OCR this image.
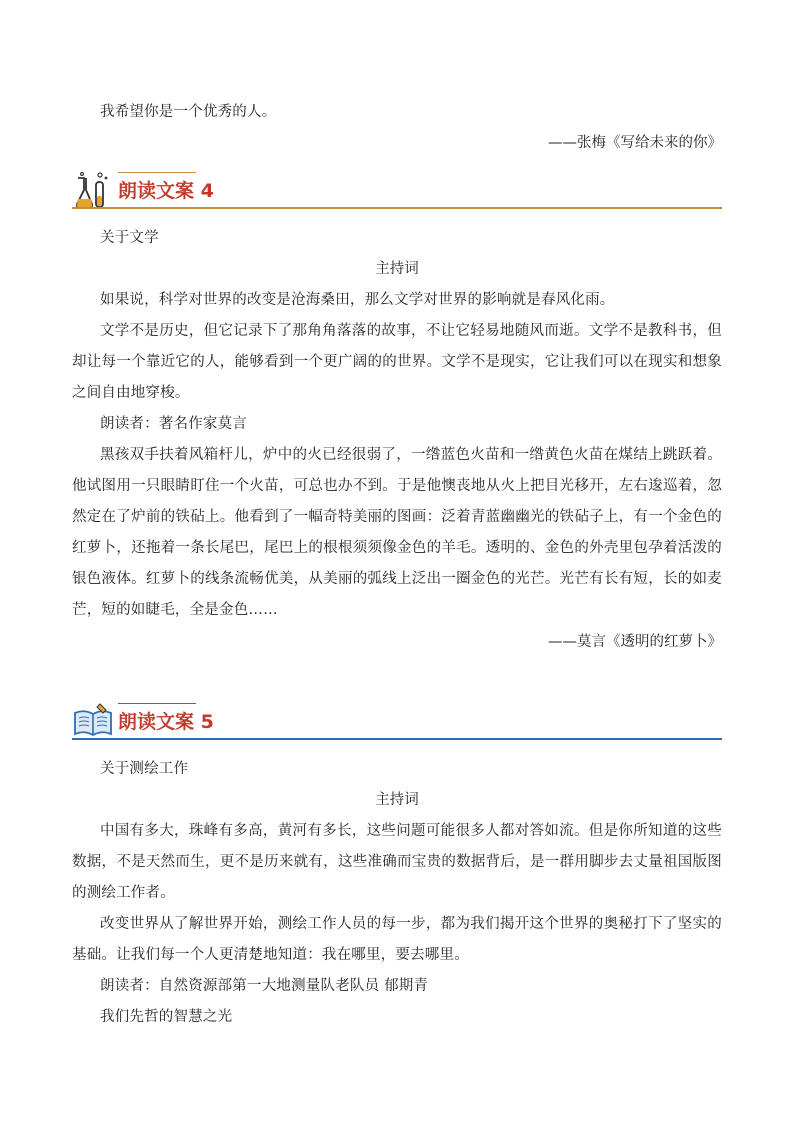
我希望你是一个优秀的人。

——张梅《写给未来的你》

朗读文案 4

关于文学

主持词

如果说，科学对世界的改变是沧海桑田，那么文学对世界的影响就是春风化雨。

文学不是历史，但它记录下了那角角落落的故事，不让它轻易地随风而逝。文学不是教科书，但却让每一个靠近它的人，能够看到一个更广阔的的世界。文学不是现实，它让我们可以在现实和想象之间自由地穿梭。

朗读者：著名作家莫言

黑孩双手扶着风箱杆儿，炉中的火已经很弱了，一绺蓝色火苗和一绺黄色火苗在煤结上跳跃着。他试图用一只眼睛盯住一个火苗，可总也办不到。于是他懊丧地从火上把目光移开，左右逡巡着，忽然定在了炉前的铁砧上。他看到了一幅奇特美丽的图画：泛着青蓝幽幽光的铁砧子上，有一个金色的红萝卜，还拖着一条长尾巴，尾巴上的根根须须像金色的羊毛。透明的、金色的外壳里包孕着活泼的银色液体。红萝卜的线条流畅优美，从美丽的弧线上泛出一圈金色的光芒。光芒有长有短，长的如麦芒，短的如睫毛，全是金色……

——莫言《透明的红萝卜》

朗读文案 5

关于测绘工作

主持词

中国有多大，珠峰有多高，黄河有多长，这些问题可能很多人都对答如流。但是你所知道的这些数据，不是天然而生，更不是历来就有，这些准确而宝贵的数据背后，是一群用脚步去丈量祖国版图的测绘工作者。

改变世界从了解世界开始，测绘工作人员的每一步，都为我们揭开这个世界的奥秘打下了坚实的基础。让我们每一个人更清楚地知道：我在哪里，要去哪里。

朗读者：自然资源部第一大地测量队老队员 郁期青

我们先哲的智慧之光
